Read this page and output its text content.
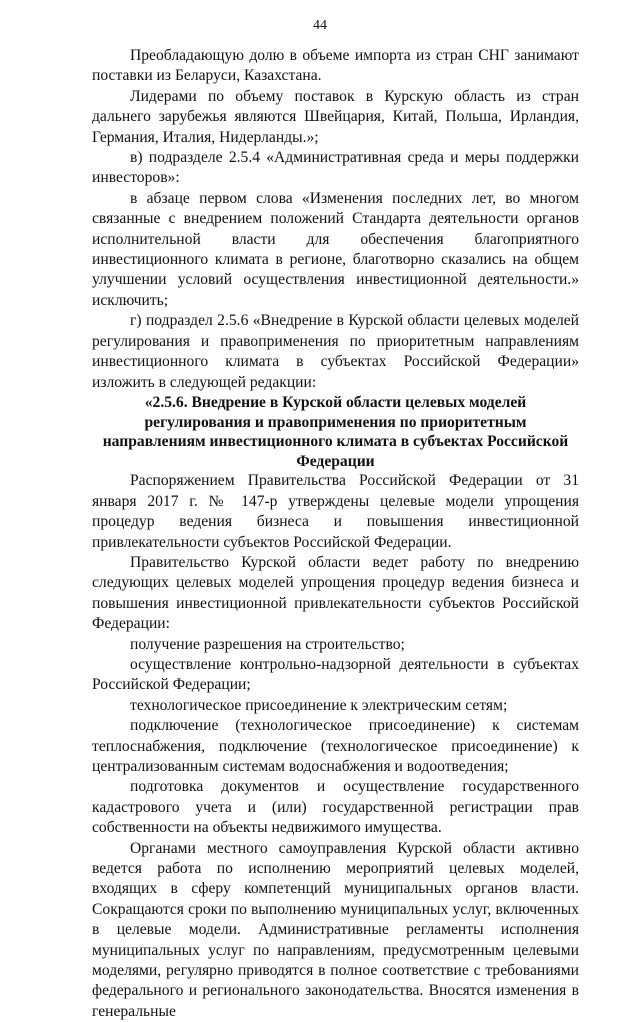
44

Преобладающую долю в объеме импорта из стран СНГ занимают поставки из Беларуси, Казахстана.

Лидерами по объему поставок в Курскую область из стран дальнего зарубежья являются Швейцария, Китай, Польша, Ирландия, Германия, Италия, Нидерланды.»;

в) подразделе 2.5.4 «Административная среда и меры поддержки инвесторов»:

в абзаце первом слова «Изменения последних лет, во многом связанные с внедрением положений Стандарта деятельности органов исполнительной власти для обеспечения благоприятного инвестиционного климата в регионе, благотворно сказались на общем улучшении условий осуществления инвестиционной деятельности.» исключить;

г) подраздел 2.5.6 «Внедрение в Курской области целевых моделей регулирования и правоприменения по приоритетным направлениям инвестиционного климата в субъектах Российской Федерации» изложить в следующей редакции:

«2.5.6. Внедрение в Курской области целевых моделей регулирования и правоприменения по приоритетным направлениям инвестиционного климата в субъектах Российской Федерации

Распоряжением Правительства Российской Федерации от 31 января 2017 г. № 147-р утверждены целевые модели упрощения процедур ведения бизнеса и повышения инвестиционной привлекательности субъектов Российской Федерации.

Правительство Курской области ведет работу по внедрению следующих целевых моделей упрощения процедур ведения бизнеса и повышения инвестиционной привлекательности субъектов Российской Федерации:

получение разрешения на строительство;

осуществление контрольно-надзорной деятельности в субъектах Российской Федерации;

технологическое присоединение к электрическим сетям;

подключение (технологическое присоединение) к системам теплоснабжения, подключение (технологическое присоединение) к централизованным системам водоснабжения и водоотведения;

подготовка документов и осуществление государственного кадастрового учета и (или) государственной регистрации прав собственности на объекты недвижимого имущества.

Органами местного самоуправления Курской области активно ведется работа по исполнению мероприятий целевых моделей, входящих в сферу компетенций муниципальных органов власти. Сокращаются сроки по выполнению муниципальных услуг, включенных в целевые модели. Административные регламенты исполнения муниципальных услуг по направлениям, предусмотренным целевыми моделями, регулярно приводятся в полное соответствие с требованиями федерального и регионального законодательства. Вносятся изменения в генеральные
